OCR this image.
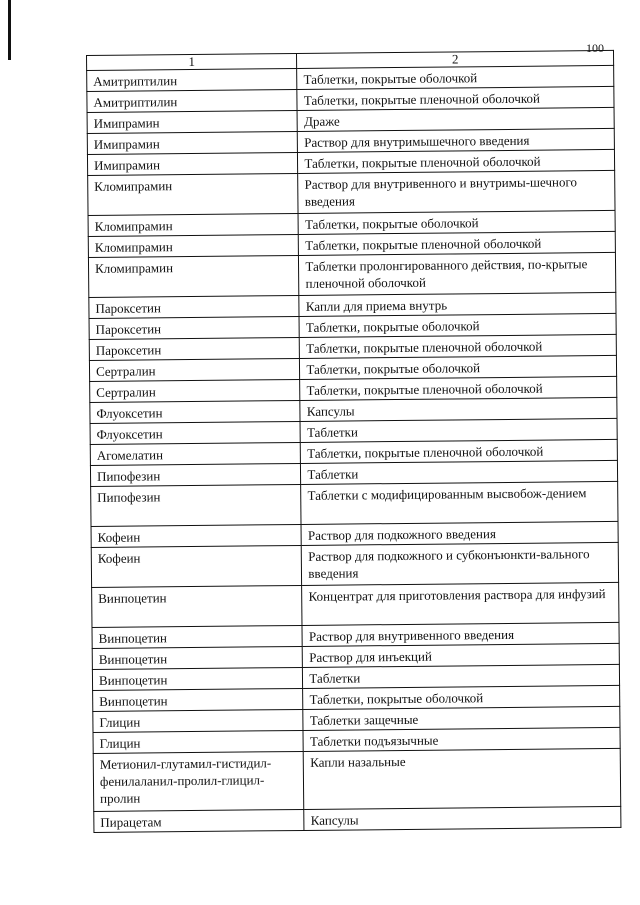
100
1	2
Амитриптилин	Таблетки, покрытые оболочкой
Амитриптилин	Таблетки, покрытые пленочной оболочкой
Имипрамин	Драже
Имипрамин	Раствор для внутримышечного введения
Имипрамин	Таблетки, покрытые пленочной оболочкой
Кломипрамин	Раствор для внутривенного и внутримы-шечного введения
Кломипрамин	Таблетки, покрытые оболочкой
Кломипрамин	Таблетки, покрытые пленочной оболочкой
Кломипрамин	Таблетки пролонгированного действия, по-крытые пленочной оболочкой
Пароксетин	Капли для приема внутрь
Пароксетин	Таблетки, покрытые оболочкой
Пароксетин	Таблетки, покрытые пленочной оболочкой
Сертралин	Таблетки, покрытые оболочкой
Сертралин	Таблетки, покрытые пленочной оболочкой
Флуоксетин	Капсулы
Флуоксетин	Таблетки
Агомелатин	Таблетки, покрытые пленочной оболочкой
Пипофезин	Таблетки
Пипофезин	Таблетки с модифицированным высвобож-дением
Кофеин	Раствор для подкожного введения
Кофеин	Раствор для подкожного и субконъюнкти-вального введения
Винпоцетин	Концентрат для приготовления раствора для инфузий
Винпоцетин	Раствор для внутривенного введения
Винпоцетин	Раствор для инъекций
Винпоцетин	Таблетки
Винпоцетин	Таблетки, покрытые оболочкой
Глицин	Таблетки защечные
Глицин	Таблетки подъязычные
Метионил-глутамил-гистидил-фенилаланил-пролил-глицил-пролин	Капли назальные
Пирацетам	Капсулы
